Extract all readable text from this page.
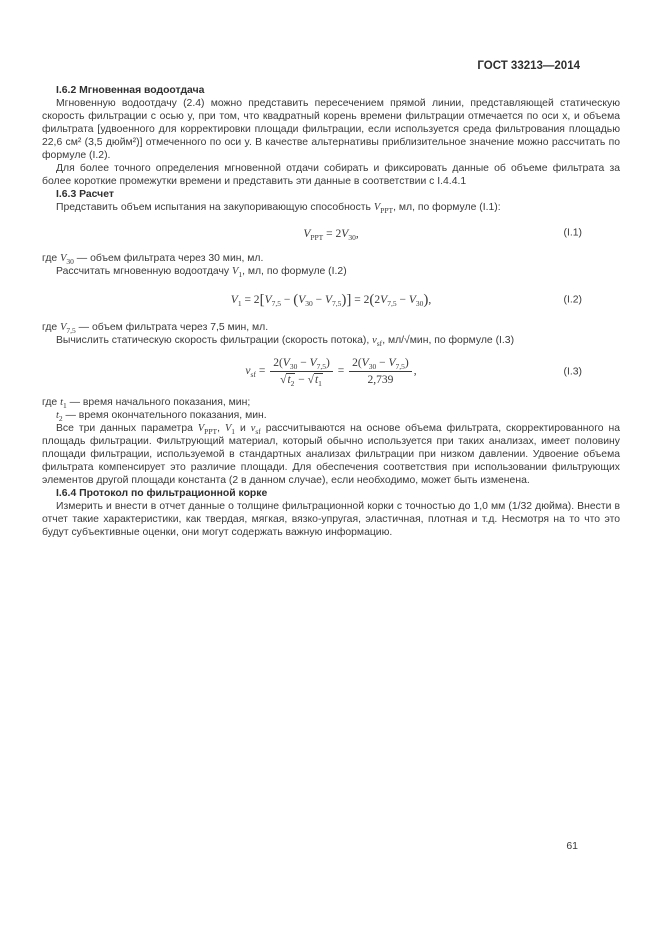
ГОСТ 33213—2014

I.6.2 Мгновенная водоотдача

Мгновенную водоотдачу (2.4) можно представить пересечением прямой линии, представляющей статическую скорость фильтрации с осью y, при том, что квадратный корень времени фильтрации отмечается по оси x, и объема фильтрата [удвоенного для корректировки площади фильтрации, если используется среда фильтрования площадью 22,6 см² (3,5 дюйм²)] отмеченного по оси y. В качестве альтернативы приблизительное значение можно рассчитать по формуле (I.2).

Для более точного определения мгновенной отдачи собирать и фиксировать данные об объеме фильтрата за более короткие промежутки времени и представить эти данные в соответствии с I.4.4.1

I.6.3 Расчет

Представить объем испытания на закупоривающую способность $V_{PPT}$, мл, по формуле (I.1):

$V_{PPT} = 2V_{30}$,	(I.1)

где $V_{30}$ — объем фильтрата через 30 мин, мл.

Рассчитать мгновенную водоотдачу $V_1$, мл, по формуле (I.2)

$V_1 = 2[V_{7,5} - (V_{30} - V_{7,5})] = 2(2V_{7,5} - V_{30})$,	(I.2)

где $V_{7,5}$ — объем фильтрата через 7,5 мин, мл.

Вычислить статическую скорость фильтрации (скорость потока), $v_{sf}$, мл/√мин, по формуле (I.3)

$v_{sf} = \frac{2(V_{30} - V_{7,5})}{√t_2 - √t_1} = \frac{2(V_{30} - V_{7,5})}{2,739}$ ,	(I.3)

где $t_1$ — время начального показания, мин;

$t_2$ — время окончательного показания, мин.

Все три данных параметра $V_{PPT}$, $V_1$ и $v_{sf}$ рассчитываются на основе объема фильтрата, скорректированного на площадь фильтрации. Фильтрующий материал, который обычно используется при таких анализах, имеет половину площади фильтрации, используемой в стандартных анализах фильтрации при низком давлении. Удвоение объема фильтрата компенсирует это различие площади. Для обеспечения соответствия при использовании фильтрующих элементов другой площади константа (2 в данном случае), если необходимо, может быть изменена.

I.6.4 Протокол по фильтрационной корке

Измерить и внести в отчет данные о толщине фильтрационной корки с точностью до 1,0 мм (1/32 дюйма). Внести в отчет такие характеристики, как твердая, мягкая, вязко-упругая, эластичная, плотная и т.д. Несмотря на то что это будут субъективные оценки, они могут содержать важную информацию.

61
